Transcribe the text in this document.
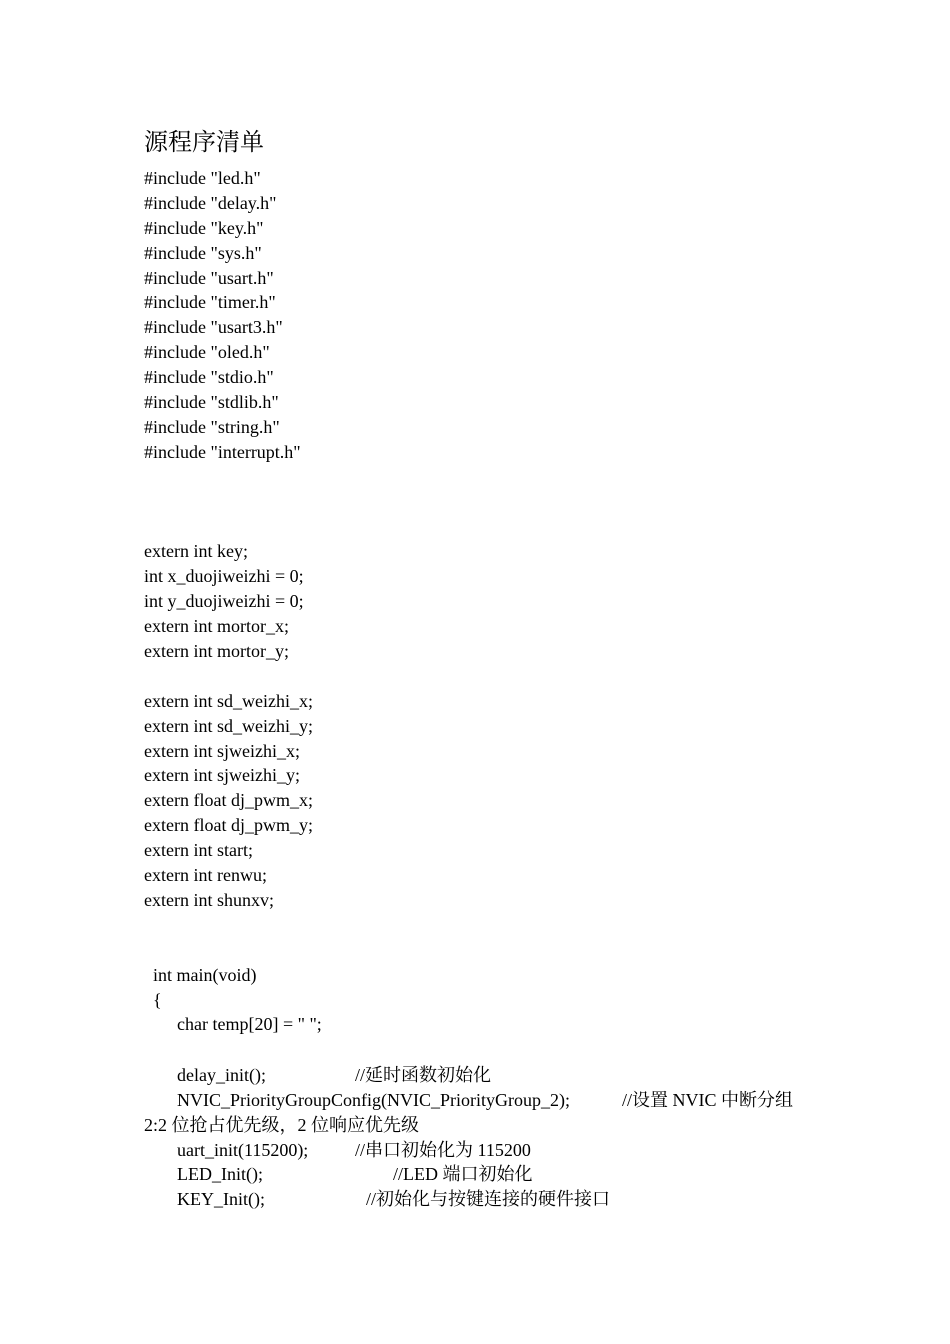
源程序清单
#include "led.h"
#include "delay.h"
#include "key.h"
#include "sys.h"
#include "usart.h"
#include "timer.h"
#include "usart3.h"
#include "oled.h"
#include "stdio.h"
#include "stdlib.h"
#include "string.h"
#include "interrupt.h"
extern int key;
int x_duojiweizhi = 0;
int y_duojiweizhi = 0;
extern int mortor_x;
extern int mortor_y;
extern int sd_weizhi_x;
extern int sd_weizhi_y;
extern int sjweizhi_x;
extern int sjweizhi_y;
extern float dj_pwm_x;
extern float dj_pwm_y;
extern int start;
extern int renwu;
extern int shunxv;
int main(void)
{
char temp[20] = " ";
delay_init();	//延时函数初始化
NVIC_PriorityGroupConfig(NVIC_PriorityGroup_2);	//设置 NVIC 中断分组
2:2 位抢占优先级，2 位响应优先级
uart_init(115200);	//串口初始化为 115200
LED_Init();	//LED 端口初始化
KEY_Init();	//初始化与按键连接的硬件接口
